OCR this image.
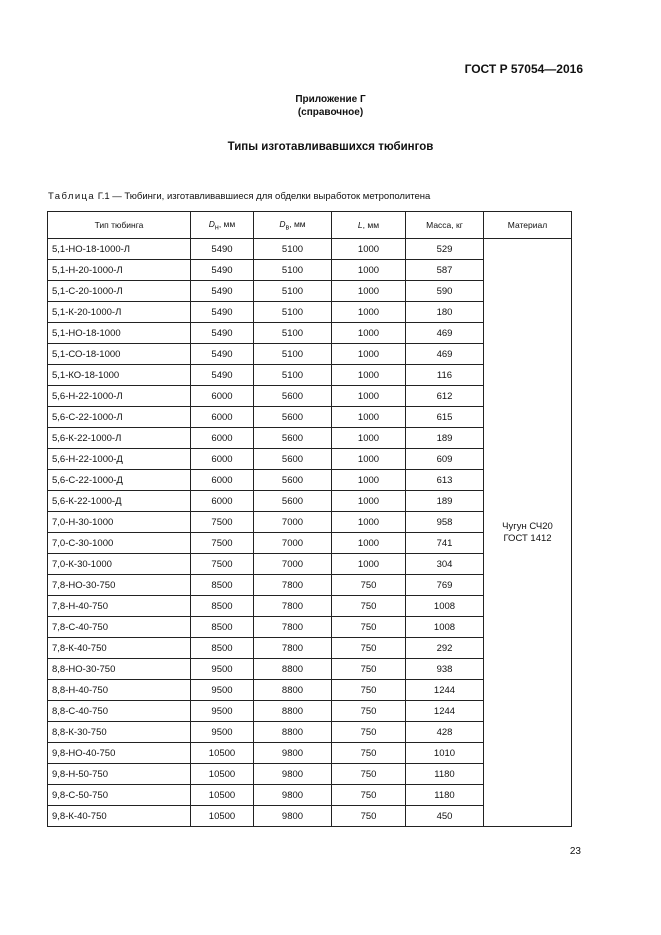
ГОСТ Р 57054—2016
Приложение Г
(справочное)
Типы изготавливавшихся тюбингов
Таблица Г.1 — Тюбинги, изготавливавшиеся для обделки выработок метрополитена
Тип тюбинга	$D_н$, мм	$D_в$, мм	L, мм	Масса, кг	Материал
5,1-НО-18-1000-Л	5490	5100	1000	529	Чугун СЧ20
ГОСТ 1412

5,1-Н-20-1000-Л	5490	5100	1000	587	
5,1-С-20-1000-Л	5490	5100	1000	590	
5,1-К-20-1000-Л	5490	5100	1000	180	
5,1-НО-18-1000	5490	5100	1000	469	
5,1-СО-18-1000	5490	5100	1000	469	
5,1-КО-18-1000	5490	5100	1000	116	
5,6-Н-22-1000-Л	6000	5600	1000	612	
5,6-С-22-1000-Л	6000	5600	1000	615	
5,6-К-22-1000-Л	6000	5600	1000	189	
5,6-Н-22-1000-Д	6000	5600	1000	609	
5,6-С-22-1000-Д	6000	5600	1000	613	
5,6-К-22-1000-Д	6000	5600	1000	189	
7,0-Н-30-1000	7500	7000	1000	958	
7,0-С-30-1000	7500	7000	1000	741	
7,0-К-30-1000	7500	7000	1000	304	
7,8-НО-30-750	8500	7800	750	769	
7,8-Н-40-750	8500	7800	750	1008	
7,8-С-40-750	8500	7800	750	1008	
7,8-К-40-750	8500	7800	750	292	
8,8-НО-30-750	9500	8800	750	938	
8,8-Н-40-750	9500	8800	750	1244	
8,8-С-40-750	9500	8800	750	1244	
8,8-К-30-750	9500	8800	750	428	
9,8-НО-40-750	10500	9800	750	1010	
9,8-Н-50-750	10500	9800	750	1180	
9,8-С-50-750	10500	9800	750	1180	
9,8-К-40-750	10500	9800	750	450	
23
